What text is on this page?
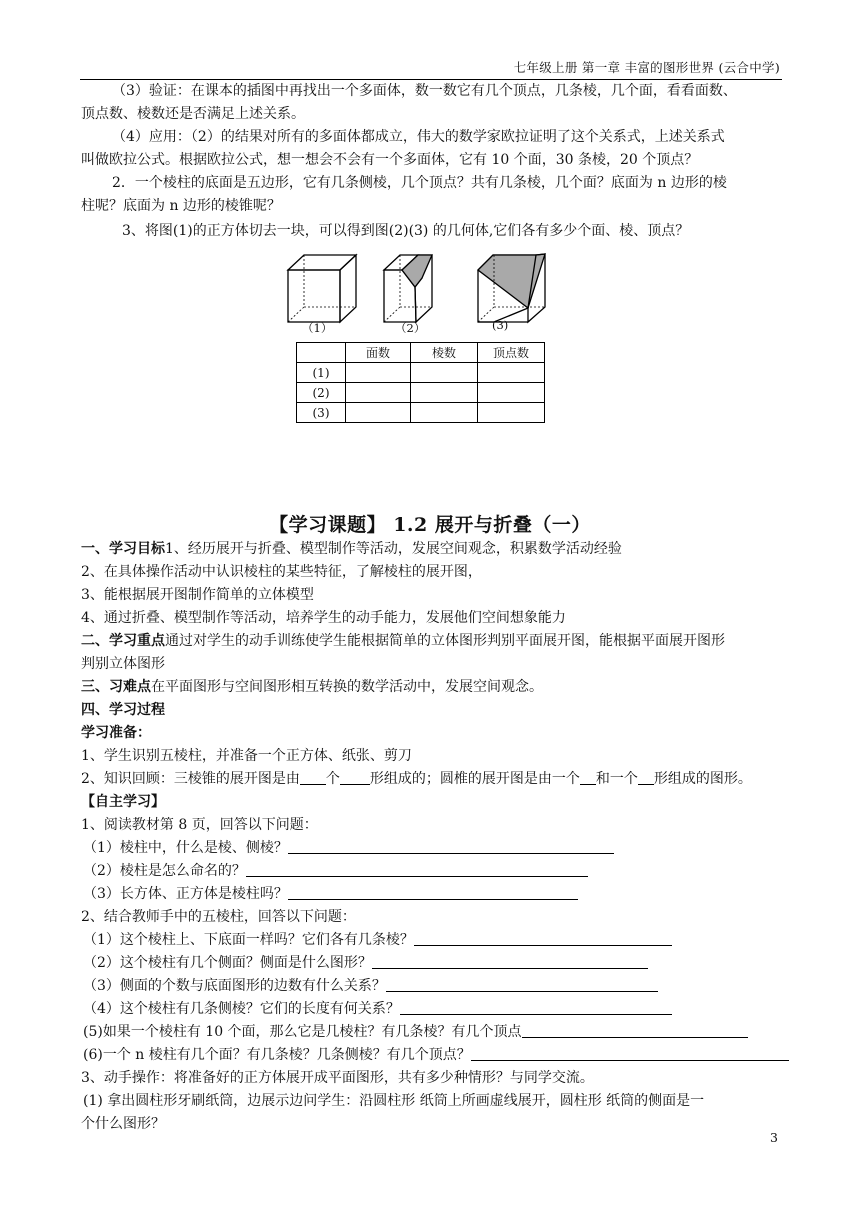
七年级上册 第一章 丰富的图形世界 (云合中学)
（3）验证：在课本的插图中再找出一个多面体，数一数它有几个顶点，几条棱，几个面，看看面数、
顶点数、棱数还是否满足上述关系。
（4）应用：（2）的结果对所有的多面体都成立，伟大的数学家欧拉证明了这个关系式，上述关系式
叫做欧拉公式。根据欧拉公式，想一想会不会有一个多面体，它有 10 个面，30 条棱，20 个顶点？
2．一个棱柱的底面是五边形，它有几条侧棱，几个顶点？共有几条棱，几个面？底面为 n 边形的棱
柱呢？底面为 n 边形的棱锥呢？
3、将图(1)的正方体切去一块，可以得到图(2)(3) 的几何体,它们各有多少个面、棱、顶点？
（1）	（2）	(3)
	面数	棱数	顶点数
(1)			
(2)			
(3)			
【学习课题】 1.2 展开与折叠（一）
一、学习目标1、经历展开与折叠、模型制作等活动，发展空间观念，积累数学活动经验
2、在具体操作活动中认识棱柱的某些特征，了解棱柱的展开图，
3、能根据展开图制作简单的立体模型
4、通过折叠、模型制作等活动，培养学生的动手能力，发展他们空间想象能力
二、学习重点通过对学生的动手训练使学生能根据简单的立体图形判别平面展开图，能根据平面展开图形
判别立体图形
三、习难点在平面图形与空间图形相互转换的数学活动中，发展空间观念。
四、学习过程
学习准备：
1、学生识别五棱柱，并准备一个正方体、纸张、剪刀
2、知识回顾：三棱锥的展开图是由 个 形组成的；圆椎的展开图是由一个 和一个 形组成的图形。
【自主学习】
1、阅读教材第 8 页，回答以下问题：
（1）棱柱中，什么是棱、侧棱？
（2）棱柱是怎么命名的？
（3）长方体、正方体是棱柱吗？
2、结合教师手中的五棱柱，回答以下问题：
（1）这个棱柱上、下底面一样吗？它们各有几条棱？
（2）这个棱柱有几个侧面？侧面是什么图形？
（3）侧面的个数与底面图形的边数有什么关系？
（4）这个棱柱有几条侧棱？它们的长度有何关系？
(5)如果一个棱柱有 10 个面，那么它是几棱柱？有几条棱？有几个顶点
(6)一个 n 棱柱有几个面？有几条棱？几条侧棱？有几个顶点？
3、动手操作：将准备好的正方体展开成平面图形，共有多少种情形？与同学交流。
(1) 拿出圆柱形牙刷纸筒，边展示边问学生：沿圆柱形 纸筒上所画虚线展开，圆柱形 纸筒的侧面是一
个什么图形？
3
